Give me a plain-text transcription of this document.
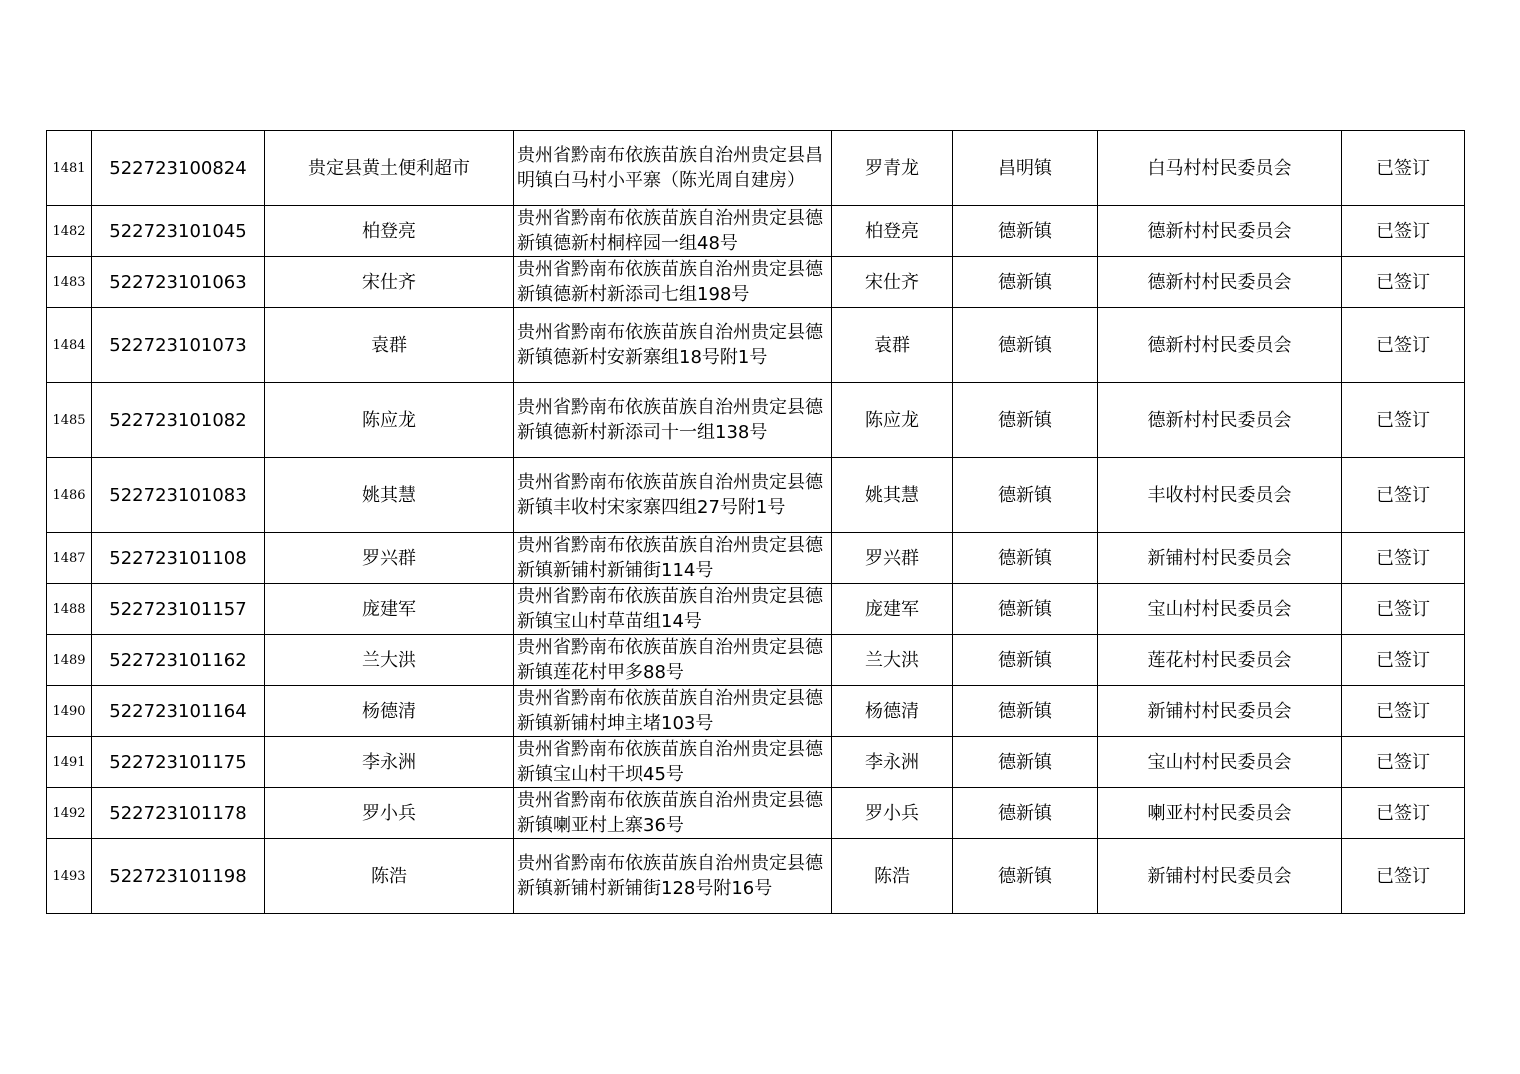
1481	522723100824	贵定县黄土便利超市	贵州省黔南布依族苗族自治州贵定县昌明镇白马村小平寨（陈光周自建房）	罗青龙	昌明镇	白马村村民委员会	已签订
1482	522723101045	柏登亮	贵州省黔南布依族苗族自治州贵定县德新镇德新村桐梓园一组48号	柏登亮	德新镇	德新村村民委员会	已签订
1483	522723101063	宋仕齐	贵州省黔南布依族苗族自治州贵定县德新镇德新村新添司七组198号	宋仕齐	德新镇	德新村村民委员会	已签订
1484	522723101073	袁群	贵州省黔南布依族苗族自治州贵定县德新镇德新村安新寨组18号附1号	袁群	德新镇	德新村村民委员会	已签订
1485	522723101082	陈应龙	贵州省黔南布依族苗族自治州贵定县德新镇德新村新添司十一组138号	陈应龙	德新镇	德新村村民委员会	已签订
1486	522723101083	姚其慧	贵州省黔南布依族苗族自治州贵定县德新镇丰收村宋家寨四组27号附1号	姚其慧	德新镇	丰收村村民委员会	已签订
1487	522723101108	罗兴群	贵州省黔南布依族苗族自治州贵定县德新镇新铺村新铺街114号	罗兴群	德新镇	新铺村村民委员会	已签订
1488	522723101157	庞建军	贵州省黔南布依族苗族自治州贵定县德新镇宝山村草苗组14号	庞建军	德新镇	宝山村村民委员会	已签订
1489	522723101162	兰大洪	贵州省黔南布依族苗族自治州贵定县德新镇莲花村甲多88号	兰大洪	德新镇	莲花村村民委员会	已签订
1490	522723101164	杨德清	贵州省黔南布依族苗族自治州贵定县德新镇新铺村坤主堵103号	杨德清	德新镇	新铺村村民委员会	已签订
1491	522723101175	李永洲	贵州省黔南布依族苗族自治州贵定县德新镇宝山村干坝45号	李永洲	德新镇	宝山村村民委员会	已签订
1492	522723101178	罗小兵	贵州省黔南布依族苗族自治州贵定县德新镇喇亚村上寨36号	罗小兵	德新镇	喇亚村村民委员会	已签订
1493	522723101198	陈浩	贵州省黔南布依族苗族自治州贵定县德新镇新铺村新铺街128号附16号	陈浩	德新镇	新铺村村民委员会	已签订
